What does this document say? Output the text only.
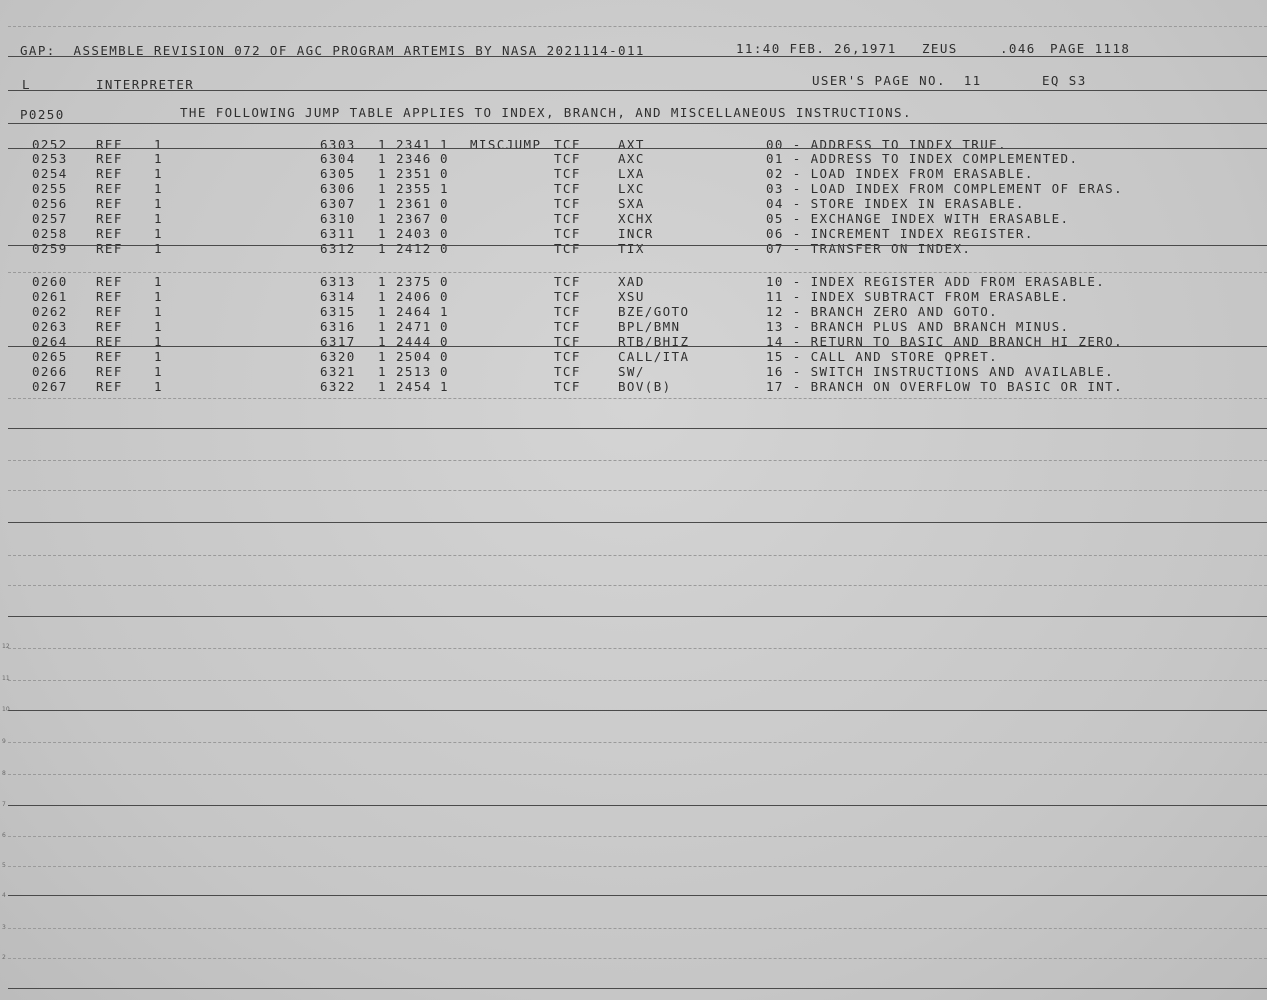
GAP:  ASSEMBLE REVISION 072 OF AGC PROGRAM ARTEMIS BY NASA 2021114-011	11:40 FEB. 26,1971 ZEUS	.046 PAGE 1118
L	INTERPRETER	USER'S PAGE NO.  11	EQ S3
P0250	THE FOLLOWING JUMP TABLE APPLIES TO INDEX, BRANCH, AND MISCELLANEOUS INSTRUCTIONS.
0252 REF 1	6303 1 2341 1 MISCJUMP TCF	AXT	00 - ADDRESS TO INDEX TRUE.
0253 REF 1	6304 1 2346 0	TCF	AXC	01 - ADDRESS TO INDEX COMPLEMENTED.
0254 REF 1	6305 1 2351 0	TCF	LXA	02 - LOAD INDEX FROM ERASABLE.
0255 REF 1	6306 1 2355 1	TCF	LXC	03 - LOAD INDEX FROM COMPLEMENT OF ERAS.
0256 REF 1	6307 1 2361 0	TCF	SXA	04 - STORE INDEX IN ERASABLE.
0257 REF 1	6310 1 2367 0	TCF	XCHX	05 - EXCHANGE INDEX WITH ERASABLE.
0258 REF 1	6311 1 2403 0	TCF	INCR	06 - INCREMENT INDEX REGISTER.
0259 REF 1	6312 1 2412 0	TCF	TIX	07 - TRANSFER ON INDEX.
0260 REF 1	6313 1 2375 0	TCF	XAD	10 - INDEX REGISTER ADD FROM ERASABLE.
0261 REF 1	6314 1 2406 0	TCF	XSU	11 - INDEX SUBTRACT FROM ERASABLE.
0262 REF 1	6315 1 2464 1	TCF	BZE/GOTO	12 - BRANCH ZERO AND GOTO.
0263 REF 1	6316 1 2471 0	TCF	BPL/BMN	13 - BRANCH PLUS AND BRANCH MINUS.
0264 REF 1	6317 1 2444 0	TCF	RTB/BHIZ	14 - RETURN TO BASIC AND BRANCH HI ZERO.
0265 REF 1	6320 1 2504 0	TCF	CALL/ITA	15 - CALL AND STORE QPRET.
0266 REF 1	6321 1 2513 0	TCF	SW/	16 - SWITCH INSTRUCTIONS AND AVAILABLE.
0267 REF 1	6322 1 2454 1	TCF	BOV(B)	17 - BRANCH ON OVERFLOW TO BASIC OR INT.
12
11
10
9
8
7
6
5
4
3
2
